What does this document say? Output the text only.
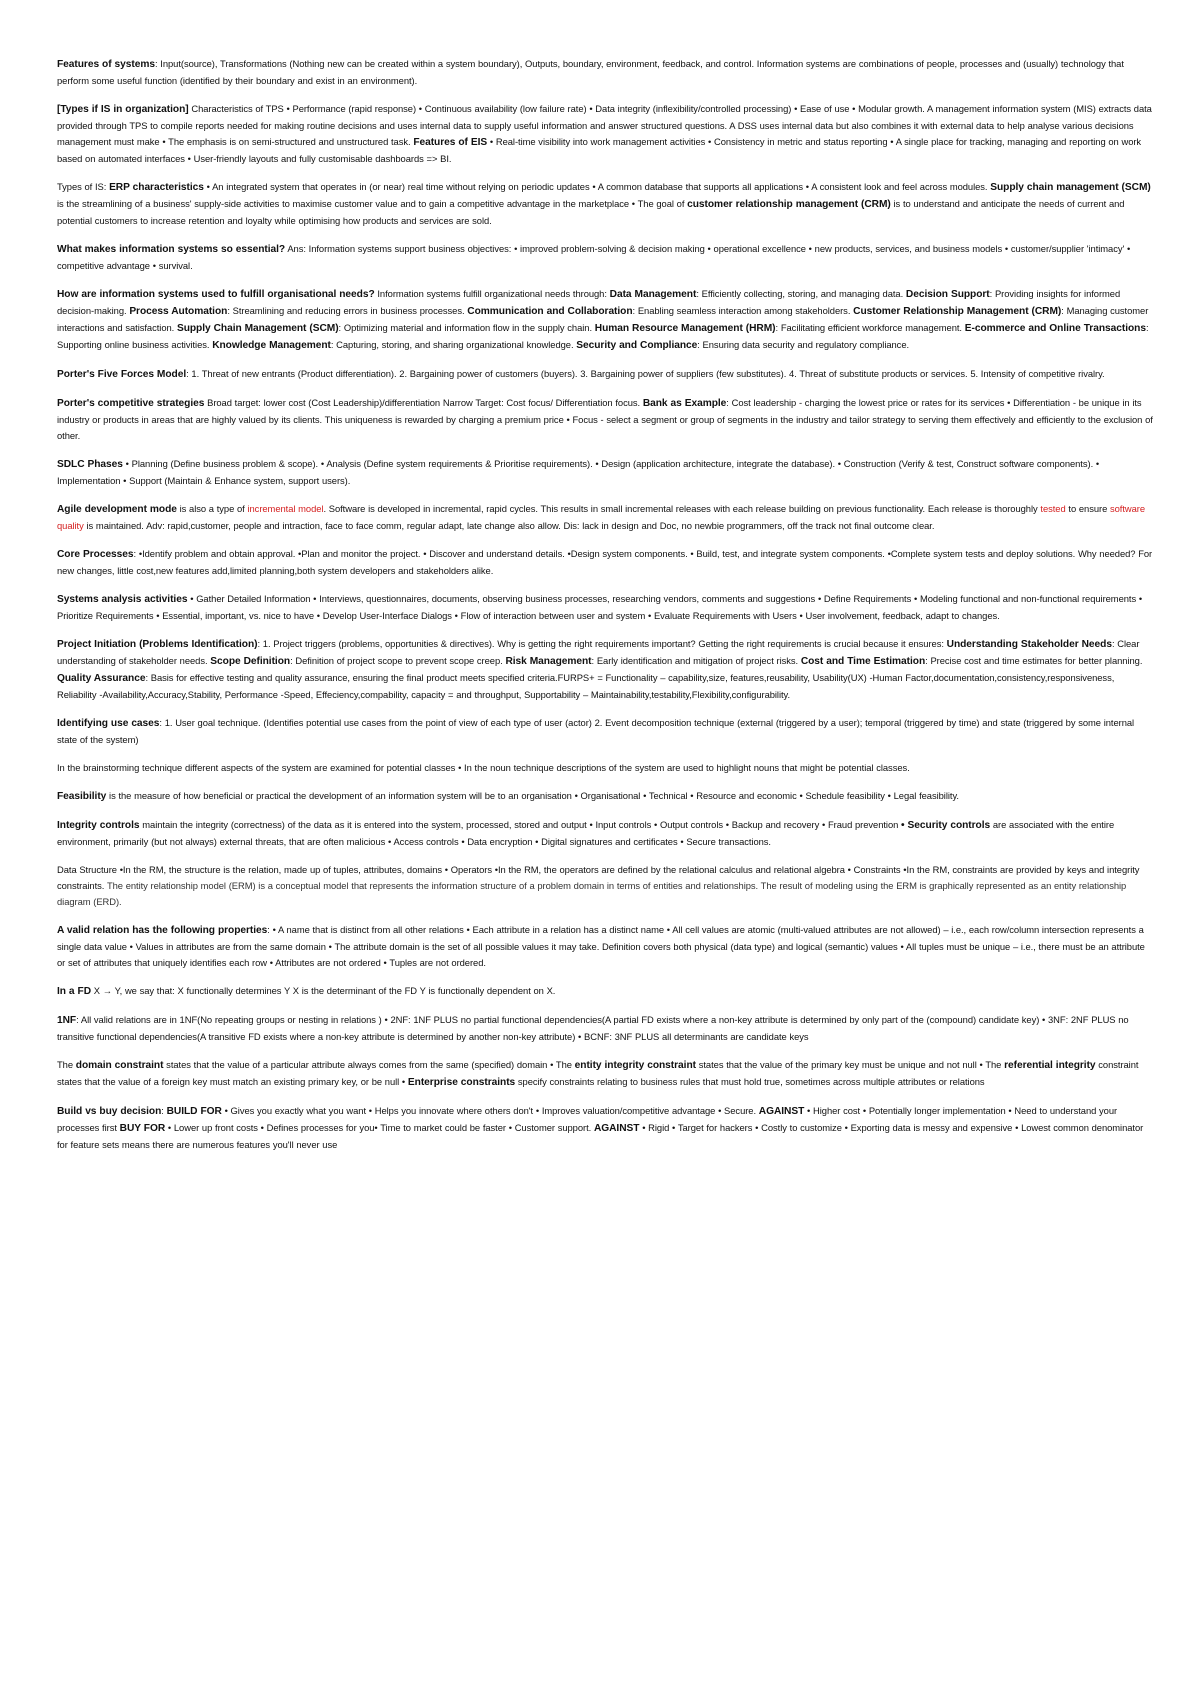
Features of systems: Input(source), Transformations (Nothing new can be created within a system boundary), Outputs, boundary, environment, feedback, and control. Information systems are combinations of people, processes and (usually) technology that perform some useful function (identified by their boundary and exist in an environment).

[Types if IS in organization] Characteristics of TPS • Performance (rapid response) • Continuous availability (low failure rate) • Data integrity (inflexibility/controlled processing) • Ease of use • Modular growth. A management information system (MIS) extracts data provided through TPS to compile reports needed for making routine decisions and uses internal data to supply useful information and answer structured questions. A DSS uses internal data but also combines it with external data to help analyse various decisions management must make • The emphasis is on semi-structured and unstructured task. Features of EIS • Real-time visibility into work management activities • Consistency in metric and status reporting • A single place for tracking, managing and reporting on work based on automated interfaces • User-friendly layouts and fully customisable dashboards => BI.

Types of IS: ERP characteristics • An integrated system that operates in (or near) real time without relying on periodic updates • A common database that supports all applications • A consistent look and feel across modules. Supply chain management (SCM) is the streamlining of a business' supply-side activities to maximise customer value and to gain a competitive advantage in the marketplace • The goal of customer relationship management (CRM) is to understand and anticipate the needs of current and potential customers to increase retention and loyalty while optimising how products and services are sold.

What makes information systems so essential? Ans: Information systems support business objectives: • improved problem-solving & decision making • operational excellence • new products, services, and business models • customer/supplier 'intimacy' • competitive advantage • survival.

How are information systems used to fulfill organisational needs? Information systems fulfill organizational needs through: Data Management: Efficiently collecting, storing, and managing data. Decision Support: Providing insights for informed decision-making. Process Automation: Streamlining and reducing errors in business processes. Communication and Collaboration: Enabling seamless interaction among stakeholders. Customer Relationship Management (CRM): Managing customer interactions and satisfaction. Supply Chain Management (SCM): Optimizing material and information flow in the supply chain. Human Resource Management (HRM): Facilitating efficient workforce management. E-commerce and Online Transactions: Supporting online business activities. Knowledge Management: Capturing, storing, and sharing organizational knowledge. Security and Compliance: Ensuring data security and regulatory compliance.

Porter's Five Forces Model: 1. Threat of new entrants (Product differentiation). 2. Bargaining power of customers (buyers). 3. Bargaining power of suppliers (few substitutes). 4. Threat of substitute products or services. 5. Intensity of competitive rivalry.

Porter's competitive strategies Broad target: lower cost (Cost Leadership)/differentiation Narrow Target: Cost focus/ Differentiation focus. Bank as Example: Cost leadership - charging the lowest price or rates for its services • Differentiation - be unique in its industry or products in areas that are highly valued by its clients. This uniqueness is rewarded by charging a premium price • Focus - select a segment or group of segments in the industry and tailor strategy to serving them effectively and efficiently to the exclusion of other.

SDLC Phases • Planning (Define business problem & scope). • Analysis (Define system requirements & Prioritise requirements). • Design (application architecture, integrate the database). • Construction (Verify & test, Construct software components). • Implementation • Support (Maintain & Enhance system, support users).

Agile development mode is also a type of incremental model. Software is developed in incremental, rapid cycles. This results in small incremental releases with each release building on previous functionality. Each release is thoroughly tested to ensure software quality is maintained. Adv: rapid,customer, people and intraction, face to face comm, regular adapt, late change also allow. Dis: lack in design and Doc, no newbie programmers, off the track not final outcome clear.

Core Processes: •Identify problem and obtain approval. •Plan and monitor the project. • Discover and understand details. •Design system components. • Build, test, and integrate system components. •Complete system tests and deploy solutions. Why needed? For new changes, little cost,new features add,limited planning,both system developers and stakeholders alike.

Systems analysis activities • Gather Detailed Information • Interviews, questionnaires, documents, observing business processes, researching vendors, comments and suggestions • Define Requirements • Modeling functional and non-functional requirements • Prioritize Requirements • Essential, important, vs. nice to have • Develop User-Interface Dialogs • Flow of interaction between user and system • Evaluate Requirements with Users • User involvement, feedback, adapt to changes.

Project Initiation (Problems Identification): 1. Project triggers (problems, opportunities & directives). Why is getting the right requirements important? Getting the right requirements is crucial because it ensures: Understanding Stakeholder Needs: Clear understanding of stakeholder needs. Scope Definition: Definition of project scope to prevent scope creep. Risk Management: Early identification and mitigation of project risks. Cost and Time Estimation: Precise cost and time estimates for better planning. Quality Assurance: Basis for effective testing and quality assurance, ensuring the final product meets specified criteria.FURPS+ = Functionality – capability,size, features,reusability, Usability(UX) -Human Factor,documentation,consistency,responsiveness, Reliability -Availability,Accuracy,Stability, Performance -Speed, Effeciency,compability, capacity = and throughput, Supportability – Maintainability,testability,Flexibility,configurability.

Identifying use cases: 1. User goal technique. (Identifies potential use cases from the point of view of each type of user (actor) 2. Event decomposition technique (external (triggered by a user); temporal (triggered by time) and state (triggered by some internal state of the system)

In the brainstorming technique different aspects of the system are examined for potential classes • In the noun technique descriptions of the system are used to highlight nouns that might be potential classes.

Feasibility is the measure of how beneficial or practical the development of an information system will be to an organisation • Organisational • Technical • Resource and economic • Schedule feasibility • Legal feasibility.

Integrity controls maintain the integrity (correctness) of the data as it is entered into the system, processed, stored and output • Input controls • Output controls • Backup and recovery • Fraud prevention • Security controls are associated with the entire environment, primarily (but not always) external threats, that are often malicious • Access controls • Data encryption • Digital signatures and certificates • Secure transactions.

Data Structure •In the RM, the structure is the relation, made up of tuples, attributes, domains • Operators •In the RM, the operators are defined by the relational calculus and relational algebra • Constraints •In the RM, constraints are provided by keys and integrity constraints. The entity relationship model (ERM) is a conceptual model that represents the information structure of a problem domain in terms of entities and relationships. The result of modeling using the ERM is graphically represented as an entity relationship diagram (ERD).

A valid relation has the following properties: • A name that is distinct from all other relations • Each attribute in a relation has a distinct name • All cell values are atomic (multi-valued attributes are not allowed) – i.e., each row/column intersection represents a single data value • Values in attributes are from the same domain • The attribute domain is the set of all possible values it may take. Definition covers both physical (data type) and logical (semantic) values • All tuples must be unique – i.e., there must be an attribute or set of attributes that uniquely identifies each row • Attributes are not ordered • Tuples are not ordered.

In a FD X → Y, we say that: X functionally determines Y X is the determinant of the FD Y is functionally dependent on X.

1NF: All valid relations are in 1NF(No repeating groups or nesting in relations ) • 2NF: 1NF PLUS no partial functional dependencies(A partial FD exists where a non-key attribute is determined by only part of the (compound) candidate key) • 3NF: 2NF PLUS no transitive functional dependencies(A transitive FD exists where a non-key attribute is determined by another non-key attribute) • BCNF: 3NF PLUS all determinants are candidate keys

The domain constraint states that the value of a particular attribute always comes from the same (specified) domain • The entity integrity constraint states that the value of the primary key must be unique and not null • The referential integrity constraint states that the value of a foreign key must match an existing primary key, or be null • Enterprise constraints specify constraints relating to business rules that must hold true, sometimes across multiple attributes or relations

Build vs buy decision: BUILD FOR • Gives you exactly what you want • Helps you innovate where others don't • Improves valuation/competitive advantage • Secure. AGAINST • Higher cost • Potentially longer implementation • Need to understand your processes first BUY FOR • Lower up front costs • Defines processes for you• Time to market could be faster • Customer support. AGAINST • Rigid • Target for hackers • Costly to customize • Exporting data is messy and expensive • Lowest common denominator for feature sets means there are numerous features you'll never use
